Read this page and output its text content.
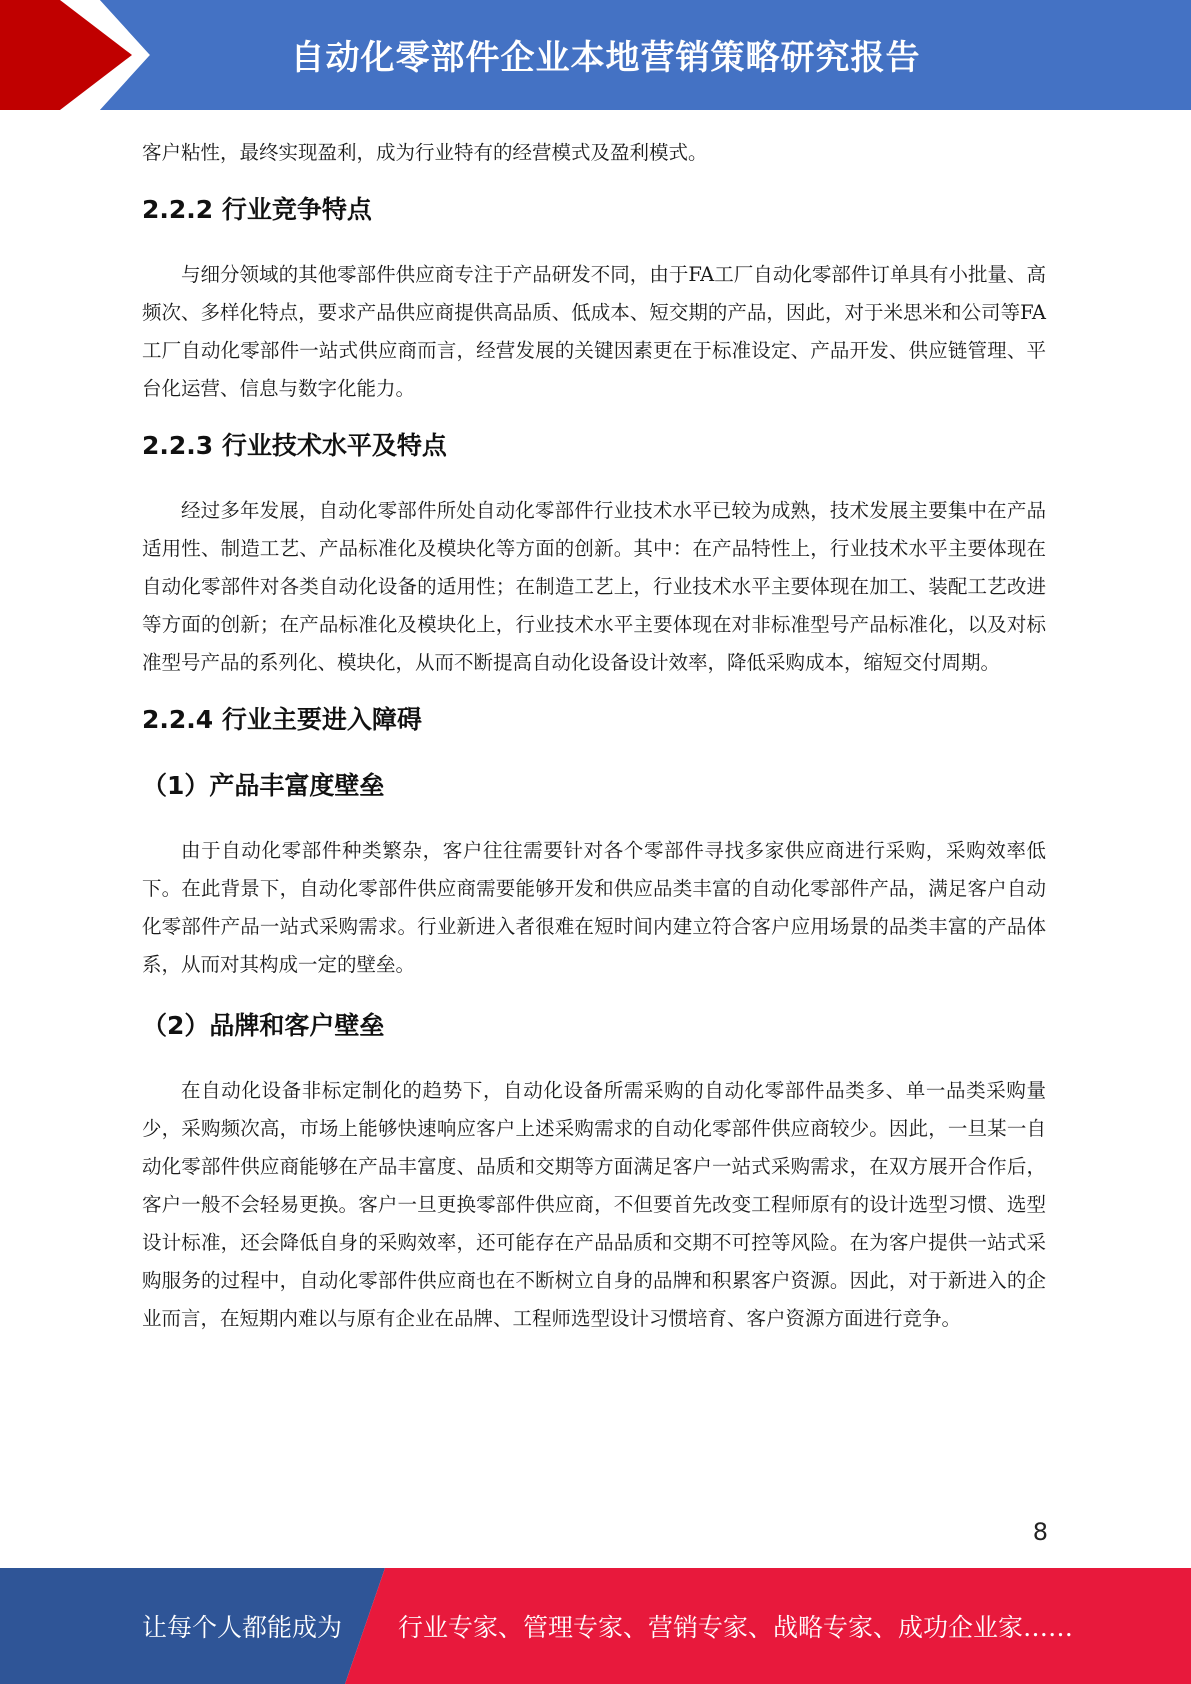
自动化零部件企业本地营销策略研究报告

客户粘性，最终实现盈利，成为行业特有的经营模式及盈利模式。

2.2.2 行业竞争特点

与细分领域的其他零部件供应商专注于产品研发不同，由于FA工厂自动化零部件订单具有小批量、高频次、多样化特点，要求产品供应商提供高品质、低成本、短交期的产品，因此，对于米思米和公司等FA工厂自动化零部件一站式供应商而言，经营发展的关键因素更在于标准设定、产品开发、供应链管理、平台化运营、信息与数字化能力。

2.2.3 行业技术水平及特点

经过多年发展，自动化零部件所处自动化零部件行业技术水平已较为成熟，技术发展主要集中在产品适用性、制造工艺、产品标准化及模块化等方面的创新。其中：在产品特性上，行业技术水平主要体现在自动化零部件对各类自动化设备的适用性；在制造工艺上，行业技术水平主要体现在加工、装配工艺改进等方面的创新；在产品标准化及模块化上，行业技术水平主要体现在对非标准型号产品标准化，以及对标准型号产品的系列化、模块化，从而不断提高自动化设备设计效率，降低采购成本，缩短交付周期。

2.2.4 行业主要进入障碍
（1）产品丰富度壁垒

由于自动化零部件种类繁杂，客户往往需要针对各个零部件寻找多家供应商进行采购，采购效率低下。在此背景下，自动化零部件供应商需要能够开发和供应品类丰富的自动化零部件产品，满足客户自动化零部件产品一站式采购需求。行业新进入者很难在短时间内建立符合客户应用场景的品类丰富的产品体系，从而对其构成一定的壁垒。

（2）品牌和客户壁垒

在自动化设备非标定制化的趋势下，自动化设备所需采购的自动化零部件品类多、单一品类采购量少，采购频次高，市场上能够快速响应客户上述采购需求的自动化零部件供应商较少。因此，一旦某一自动化零部件供应商能够在产品丰富度、品质和交期等方面满足客户一站式采购需求，在双方展开合作后，客户一般不会轻易更换。客户一旦更换零部件供应商，不但要首先改变工程师原有的设计选型习惯、选型设计标准，还会降低自身的采购效率，还可能存在产品品质和交期不可控等风险。在为客户提供一站式采购服务的过程中，自动化零部件供应商也在不断树立自身的品牌和积累客户资源。因此，对于新进入的企业而言，在短期内难以与原有企业在品牌、工程师选型设计习惯培育、客户资源方面进行竞争。

8
让每个人都能成为 行业专家、管理专家、营销专家、战略专家、成功企业家……
